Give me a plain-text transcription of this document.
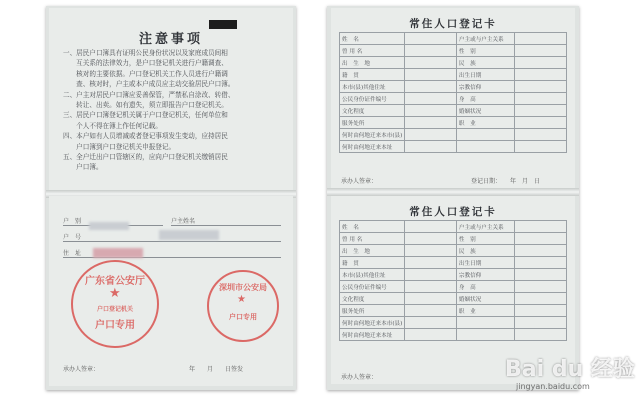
注意事项
一、居民户口簿具有证明公民身份状况以及家庭成员间相
　　互关系的法律效力，是户口登记机关进行户籍调查、
　　核对的主要依据。户口登记机关工作人员进行户籍调
　　查、核对时，户主或本户成员应主动交验居民户口簿。
二、户主对居民户口簿应妥善保管，严禁私自涂改、转借、
　　转让、出卖。如有遗失，须立即报告户口登记机关。
三、居民户口簿登记机关属于户口登记机关，任何单位和
　　个人不得在簿上作任何记载。
四、本户如有人员增减或者登记事项发生变动，应持居民
　　户口簿到户口登记机关申报登记。
五、全户迁出户口管辖区的，应向户口登记机关缴销居民
　　户口簿。
户　别	户主姓名
户　号
住　址
广东省公安厅
★
户口登记机关
户口专用
深圳市公安局
★
户口专用
承办人签章：	年　　月　　日签发
常住人口登记卡
姓　名		户主或与户主关系	
曾 用 名		性　别	
出　生　地		民　族	
籍　贯		出生日期	
本市(县)其他住址		宗教信仰	
公民身份证件编号		身　高	
文化程度		婚姻状况	
服务处所		职　业	
何时由何地迁来本市(县)			
何时由何地迁来本址			
承办人签章：	登记日期：　　年　月　日
常住人口登记卡
姓　名		户主或与户主关系	
曾 用 名		性　别	
出　生　地		民　族	
籍　贯		出生日期	
本市(县)其他住址		宗教信仰	
公民身份证件编号		身　高	
文化程度		婚姻状况	
服务处所		职　业	
何时由何地迁来本市(县)			
何时由何地迁来本址			
承办人签章：	Bai du 经验
jingyan.baidu.com
